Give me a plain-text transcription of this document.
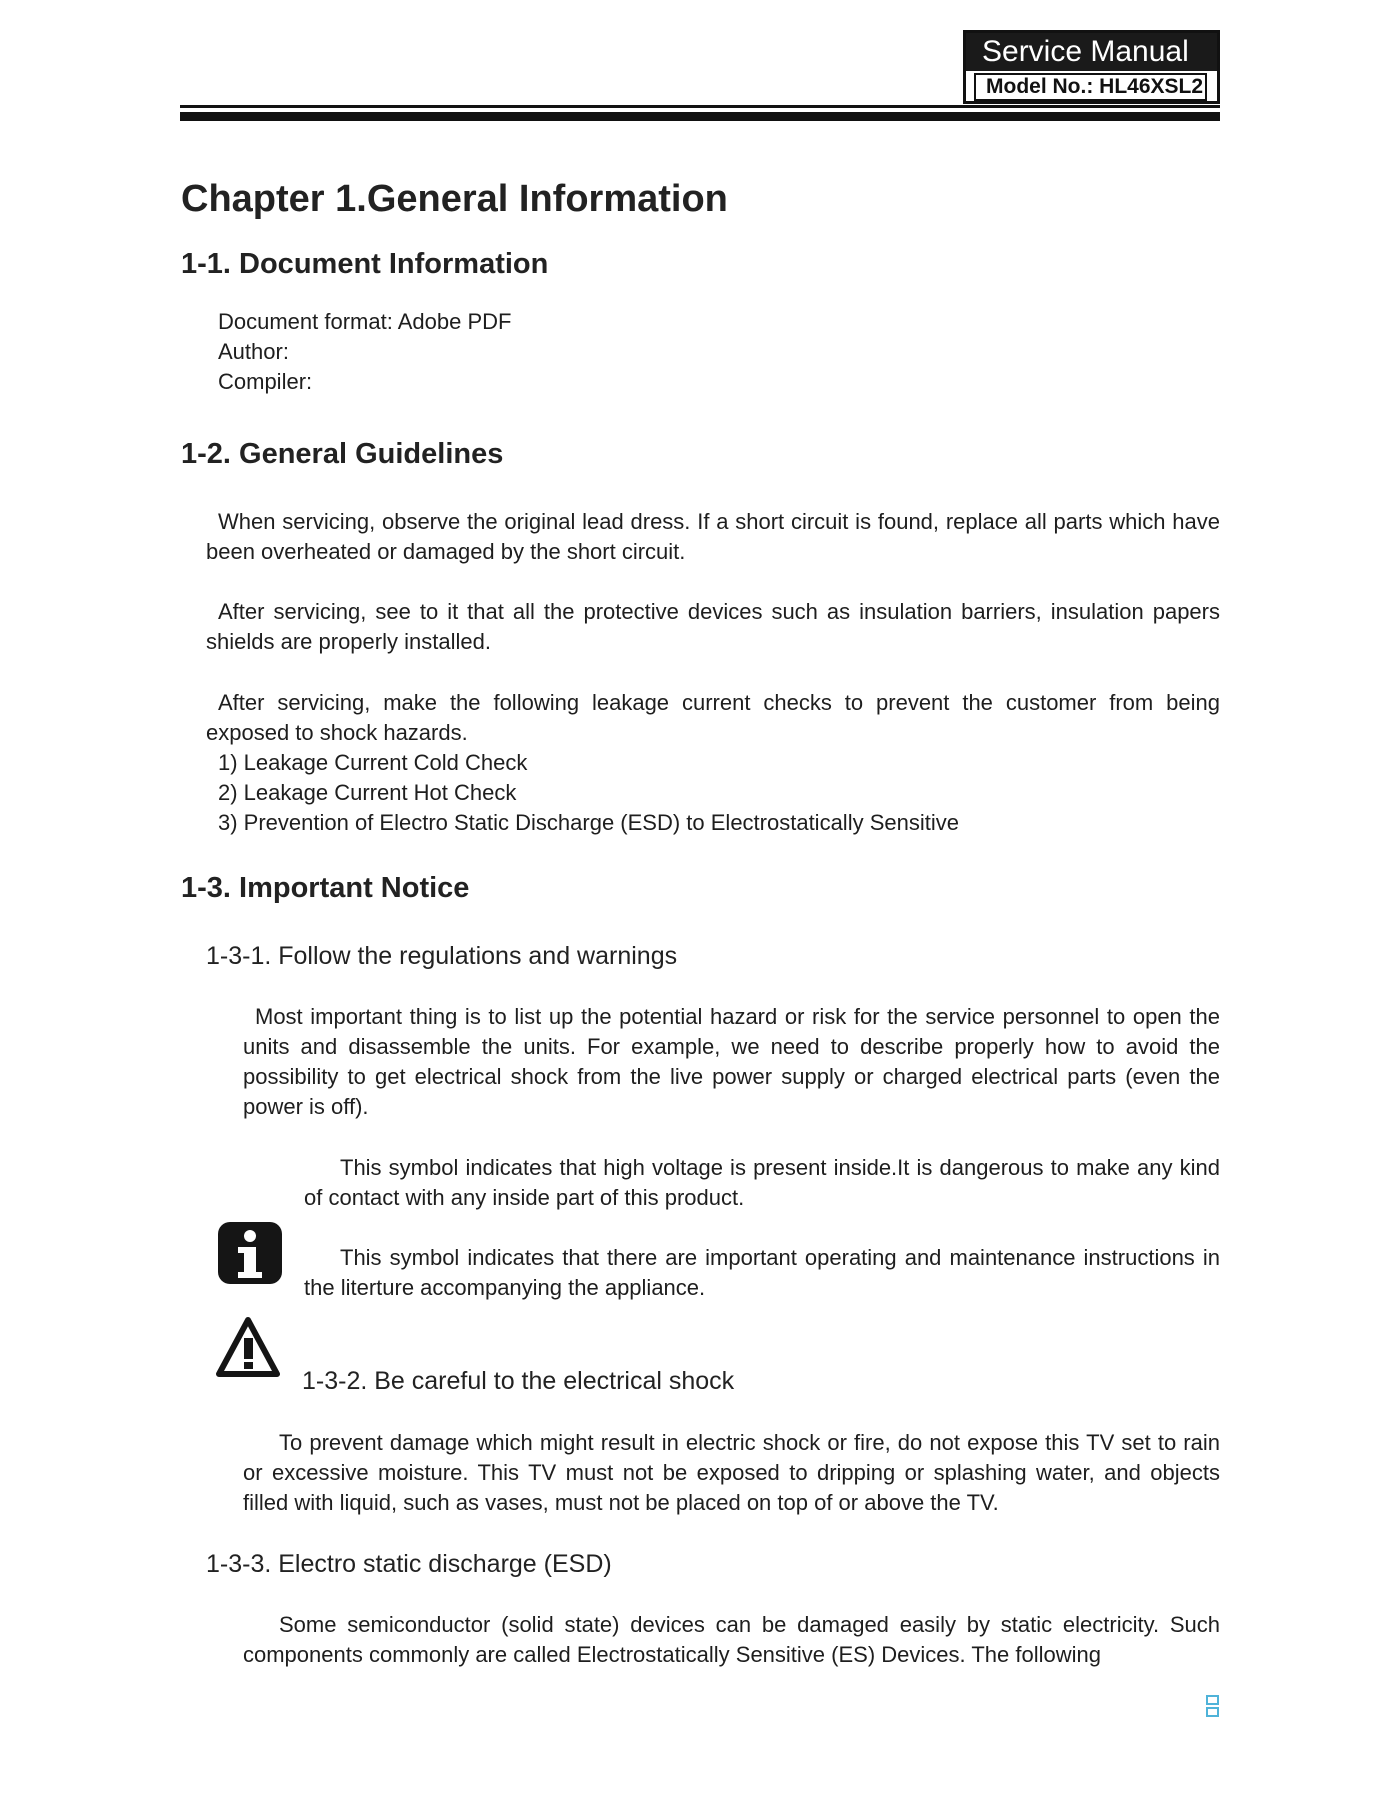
Service Manual
Model No.: HL46XSL2
Chapter 1.General Information
1-1. Document Information
Document format: Adobe PDF
Author:
Compiler:
1-2. General Guidelines
When servicing, observe the original lead dress. If a short circuit is found, replace all parts which have been overheated or damaged by the short circuit.
After servicing, see to it that all the protective devices such as insulation barriers, insulation papers shields are properly installed.
After servicing, make the following leakage current checks to prevent the customer from being exposed to shock hazards.
1) Leakage Current Cold Check
2) Leakage Current Hot Check
3) Prevention of Electro Static Discharge (ESD) to Electrostatically Sensitive
1-3. Important Notice
1-3-1. Follow the regulations and warnings
Most important thing is to list up the potential hazard or risk for the service personnel to open the units and disassemble the units. For example, we need to describe properly how to avoid the possibility to get electrical shock from the live power supply or charged electrical parts (even the power is off).
This symbol indicates that high voltage is present inside.It is dangerous to make any kind of contact with any inside part of this product.
This symbol indicates that there are important operating and maintenance instructions in the literture accompanying the appliance.
1-3-2. Be careful to the electrical shock
To prevent damage which might result in electric shock or fire, do not expose this TV set to rain or excessive moisture. This TV must not be exposed to dripping or splashing water, and objects filled with liquid, such as vases, must not be placed on top of or above the TV.
1-3-3. Electro static discharge (ESD)
Some semiconductor (solid state) devices can be damaged easily by static electricity. Such components commonly are called Electrostatically Sensitive (ES) Devices. The following
